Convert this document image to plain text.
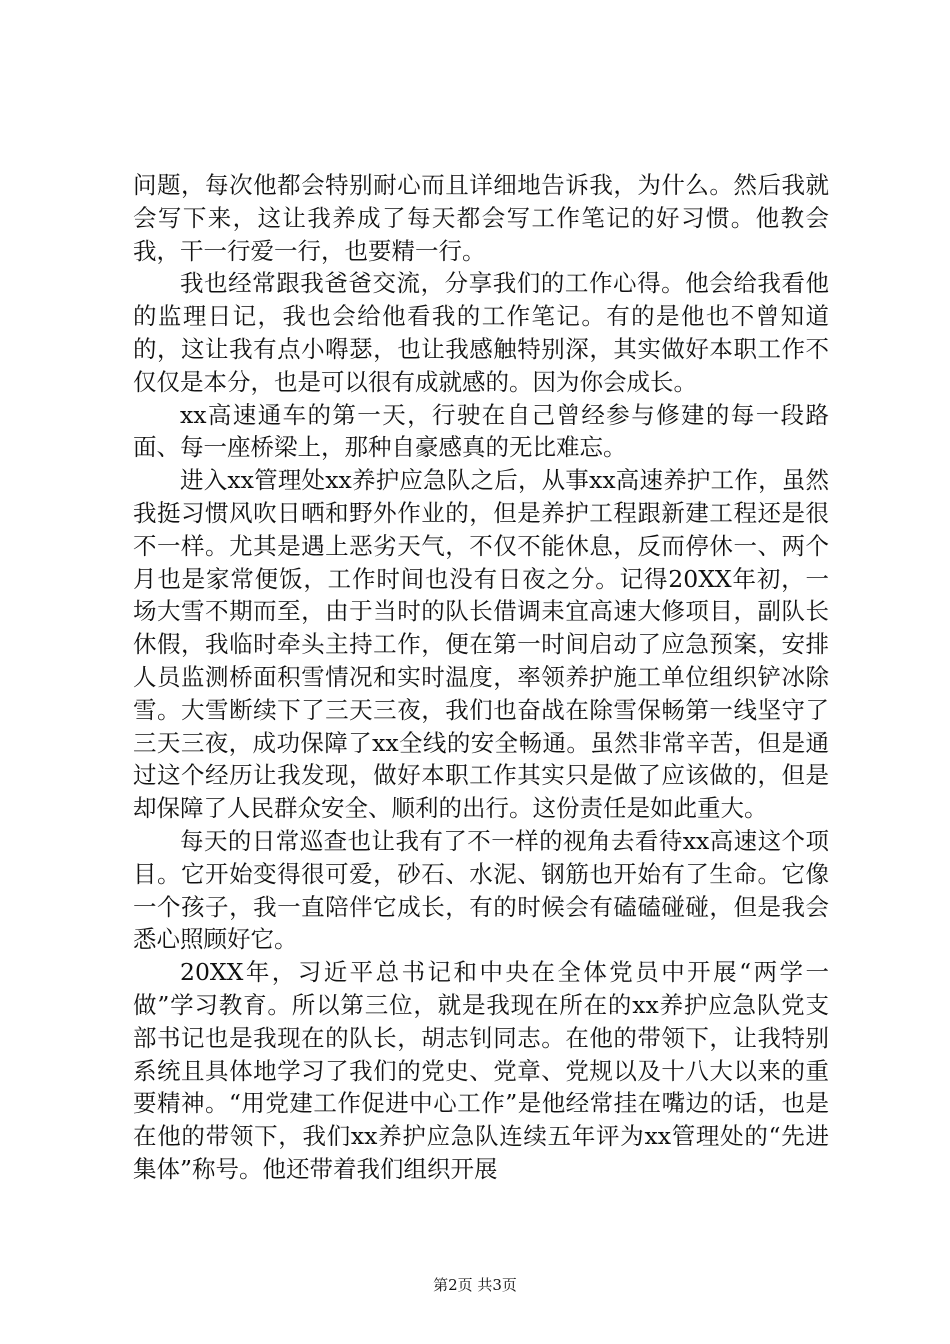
问题，每次他都会特别耐心而且详细地告诉我，为什么。然后我就会写下来，这让我养成了每天都会写工作笔记的好习惯。他教会我，干一行爱一行，也要精一行。

我也经常跟我爸爸交流，分享我们的工作心得。他会给我看他的监理日记，我也会给他看我的工作笔记。有的是他也不曾知道的，这让我有点小嘚瑟，也让我感触特别深，其实做好本职工作不仅仅是本分，也是可以很有成就感的。因为你会成长。

xx高速通车的第一天，行驶在自己曾经参与修建的每一段路面、每一座桥梁上，那种自豪感真的无比难忘。

进入xx管理处xx养护应急队之后，从事xx高速养护工作，虽然我挺习惯风吹日晒和野外作业的，但是养护工程跟新建工程还是很不一样。尤其是遇上恶劣天气，不仅不能休息，反而停休一、两个月也是家常便饭，工作时间也没有日夜之分。记得20XX年初，一场大雪不期而至，由于当时的队长借调耒宜高速大修项目，副队长休假，我临时牵头主持工作，便在第一时间启动了应急预案，安排人员监测桥面积雪情况和实时温度，率领养护施工单位组织铲冰除雪。大雪断续下了三天三夜，我们也奋战在除雪保畅第一线坚守了三天三夜，成功保障了xx全线的安全畅通。虽然非常辛苦，但是通过这个经历让我发现，做好本职工作其实只是做了应该做的，但是却保障了人民群众安全、顺利的出行。这份责任是如此重大。

每天的日常巡查也让我有了不一样的视角去看待xx高速这个项目。它开始变得很可爱，砂石、水泥、钢筋也开始有了生命。它像一个孩子，我一直陪伴它成长，有的时候会有磕磕碰碰，但是我会悉心照顾好它。

20XX年，习近平总书记和中央在全体党员中开展“两学一做”学习教育。所以第三位，就是我现在所在的xx养护应急队党支部书记也是我现在的队长，胡志钊同志。在他的带领下，让我特别系统且具体地学习了我们的党史、党章、党规以及十八大以来的重要精神。“用党建工作促进中心工作”是他经常挂在嘴边的话，也是在他的带领下，我们xx养护应急队连续五年评为xx管理处的“先进集体”称号。他还带着我们组织开展

第2页 共3页
